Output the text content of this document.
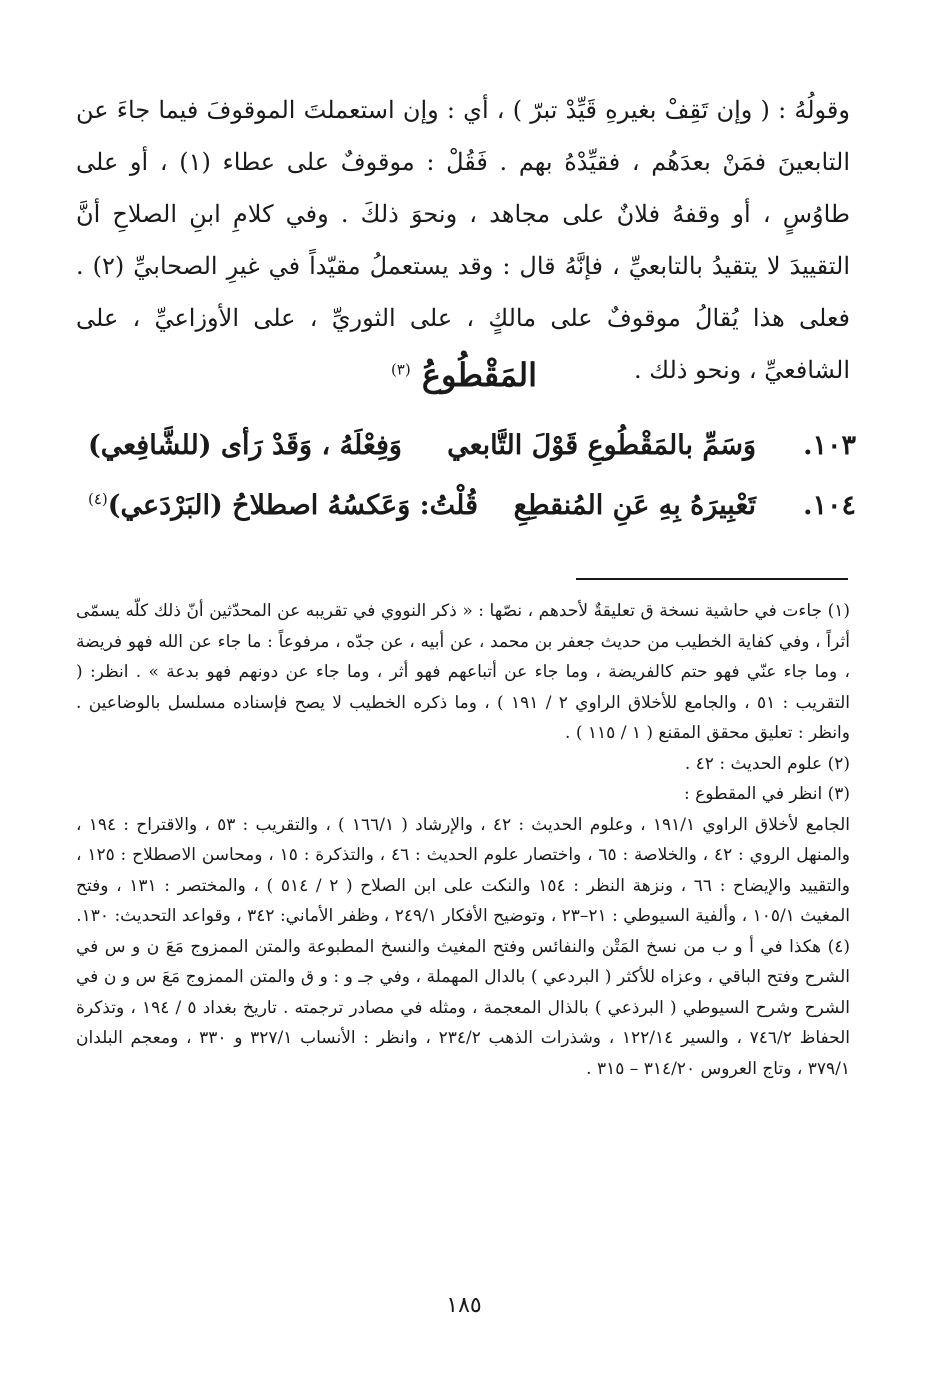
وقولُهُ : ( وإن تَقِفْ بغيرهِ قَيِّدْ تبرّ ) ، أي : وإن استعملتَ الموقوفَ فيما جاءَ عن التابعينَ فمَنْ بعدَهُم ، فقيِّدْهُ بهم . فَقُلْ : موقوفٌ على عطاء (١) ، أو على طاوُسٍ ، أو وقفهُ فلانٌ على مجاهد ، ونحوَ ذلكَ . وفي كلامِ ابنِ الصلاحِ أنَّ التقييدَ لا يتقيدُ بالتابعيِّ ، فإنَّهُ قال : وقد يستعملُ مقيّداً في غيرِ الصحابيِّ (٢) . فعلى هذا يُقالُ موقوفٌ على مالكٍ ، على الثوريِّ ، على الأوزاعيِّ ، على الشافعيِّ ، ونحو ذلك .

المَقْطُوعُ $^{(٣)}$
١٠٣.
وَسَمِّ بالمَقْطُوعِ قَوْلَ التَّابعي
وَفِعْلَهُ ، وَقَدْ رَأى (للشَّافِعي)
١٠٤.
تَعْبِيرَهُ بِهِ عَنِ المُنقطِعِ
قُلْتُ: وَعَكسُهُ اصطلاحُ (البَرْدَعي)$^{(٤)}$

(١) جاءت في حاشية نسخة ق تعليقةٌ لأحدهم ، نصّها : « ذكر النووي في تقريبه عن المحدّثين أنّ ذلك كلّه يسمّى أثراً ، وفي كفاية الخطيب من حديث جعفر بن محمد ، عن أبيه ، عن جدّه ، مرفوعاً : ما جاء عن الله فهو فريضة ، وما جاء عنّي فهو حتم كالفريضة ، وما جاء عن أتباعهم فهو أثر ، وما جاء عن دونهم فهو بدعة » . انظر: ( التقريب : ٥١ ، والجامع للأخلاق الراوي ٢ / ١٩١ ) ، وما ذكره الخطيب لا يصح فإسناده مسلسل بالوضاعين . وانظر : تعليق محقق المقنع ( ١ / ١١٥ ) .

(٢) علوم الحديث : ٤٢ .

(٣) انظر في المقطوع :

الجامع لأخلاق الراوي ١٩١/١ ، وعلوم الحديث : ٤٢ ، والإرشاد ( ١٦٦/١ ) ، والتقريب : ٥٣ ، والاقتراح : ١٩٤ ، والمنهل الروي : ٤٢ ، والخلاصة : ٦٥ ، واختصار علوم الحديث : ٤٦ ، والتذكرة : ١٥ ، ومحاسن الاصطلاح : ١٢٥ ، والتقييد والإيضاح : ٦٦ ، ونزهة النظر : ١٥٤ والنكت على ابن الصلاح ( ٢ / ٥١٤ ) ، والمختصر : ١٣١ ، وفتح المغيث ١٠٥/١ ، وألفية السيوطي : ٢١–٢٣ ، وتوضيح الأفكار ٢٤٩/١ ، وظفر الأماني: ٣٤٢ ، وقواعد التحديث: ١٣٠.

(٤) هكذا في أ و ب من نسخ المَتْن والنفائس وفتح المغيث والنسخ المطبوعة والمتن الممزوج مَعَ ن و س في الشرح وفتح الباقي ، وعزاه للأكثر ( البردعي ) بالدال المهملة ، وفي جـ و : و ق والمتن الممزوج مَعَ س و ن في الشرح وشرح السيوطي ( البرذعي ) بالذال المعجمة ، ومثله في مصادر ترجمته . تاريخ بغداد ٥ / ١٩٤ ، وتذكرة الحفاظ ٧٤٦/٢ ، والسير ١٢٢/١٤ ، وشذرات الذهب ٢٣٤/٢ ، وانظر : الأنساب ٣٢٧/١ و ٣٣٠ ، ومعجم البلدان ٣٧٩/١ ، وتاج العروس ٣١٤/٢٠ – ٣١٥ .

١٨٥
